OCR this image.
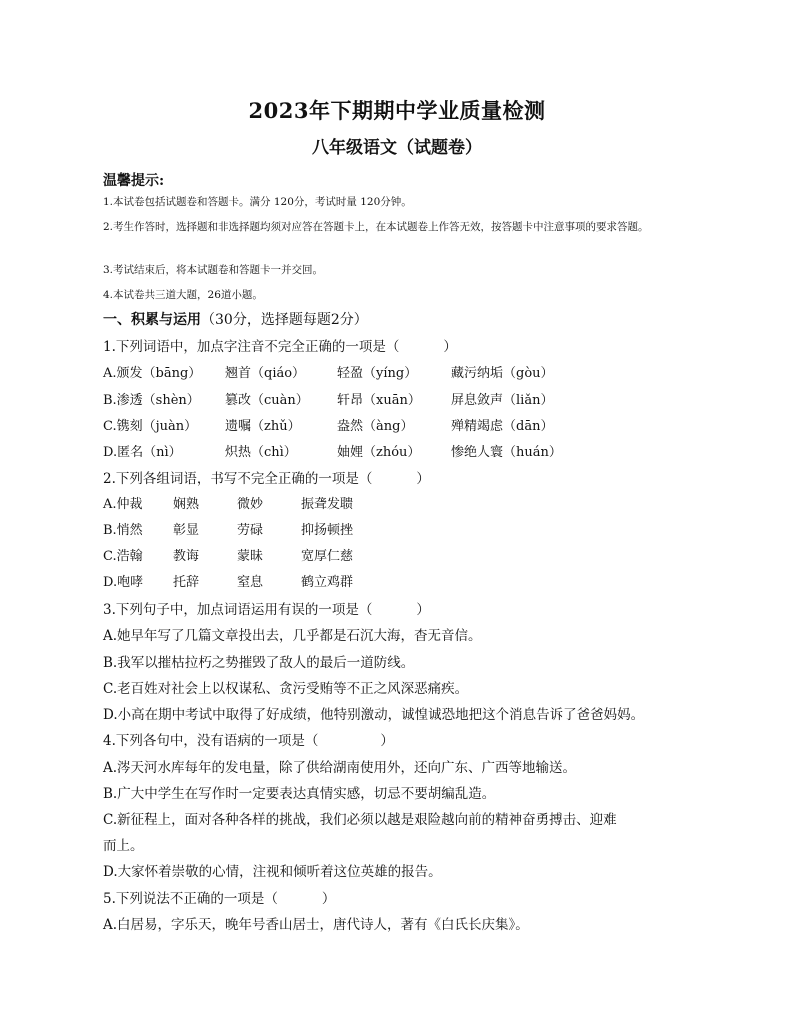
2023年下期期中学业质量检测
八年级语文（试题卷）
温馨提示:
1.本试卷包括试题卷和答题卡。满分 120分，考试时量 120分钟。
2.考生作答时，选择题和非选择题均须对应答在答题卡上，在本试题卷上作答无效，按答题卡中注意事项的要求答题。
3.考试结束后，将本试题卷和答题卡一并交回。
4.本试卷共三道大题，26道小题。
一、积累与运用（30分，选择题每题2分）
1.下列词语中，加点字注音不完全正确的一项是（	）
A.颁发（bāng） 翘首（qiáo） 轻盈（yíng）	藏污纳垢（gòu）
B.渗透（shèn） 篡改（cuàn） 轩昂（xuān） 屏息敛声（liǎn）
C.镌刻（juàn） 遗嘱（zhǔ）	盎然（àng）	殚精竭虑（dān）
D.匿名（nì）	炽热（chì）	妯娌（zhóu） 惨绝人寰（huán）
2.下列各组词语，书写不完全正确的一项是（	）
A.仲裁 娴熟	微妙	振聋发聩
B.悄然 彰显	劳碌	抑扬顿挫
C.浩翰 教诲	蒙昧	宽厚仁慈
D.咆哮 托辞	窒息	鹤立鸡群
3.下列句子中，加点词语运用有误的一项是（	）
A.她早年写了几篇文章投出去，几乎都是石沉大海，杳无音信。
B.我军以摧枯拉朽之势摧毁了敌人的最后一道防线。
C.老百姓对社会上以权谋私、贪污受贿等不正之风深恶痛疾。
D.小高在期中考试中取得了好成绩，他特别激动，诚惶诚恐地把这个消息告诉了爸爸妈妈。
4.下列各句中，没有语病的一项是（	）
A.涔天河水库每年的发电量，除了供给湖南使用外，还向广东、广西等地输送。
B.广大中学生在写作时一定要表达真情实感，切忌不要胡编乱造。
C.新征程上，面对各种各样的挑战，我们必须以越是艰险越向前的精神奋勇搏击、迎难
而上。
D.大家怀着崇敬的心情，注视和倾听着这位英雄的报告。
5.下列说法不正确的一项是（	）
A.白居易，字乐天，晚年号香山居士，唐代诗人，著有《白氏长庆集》。
